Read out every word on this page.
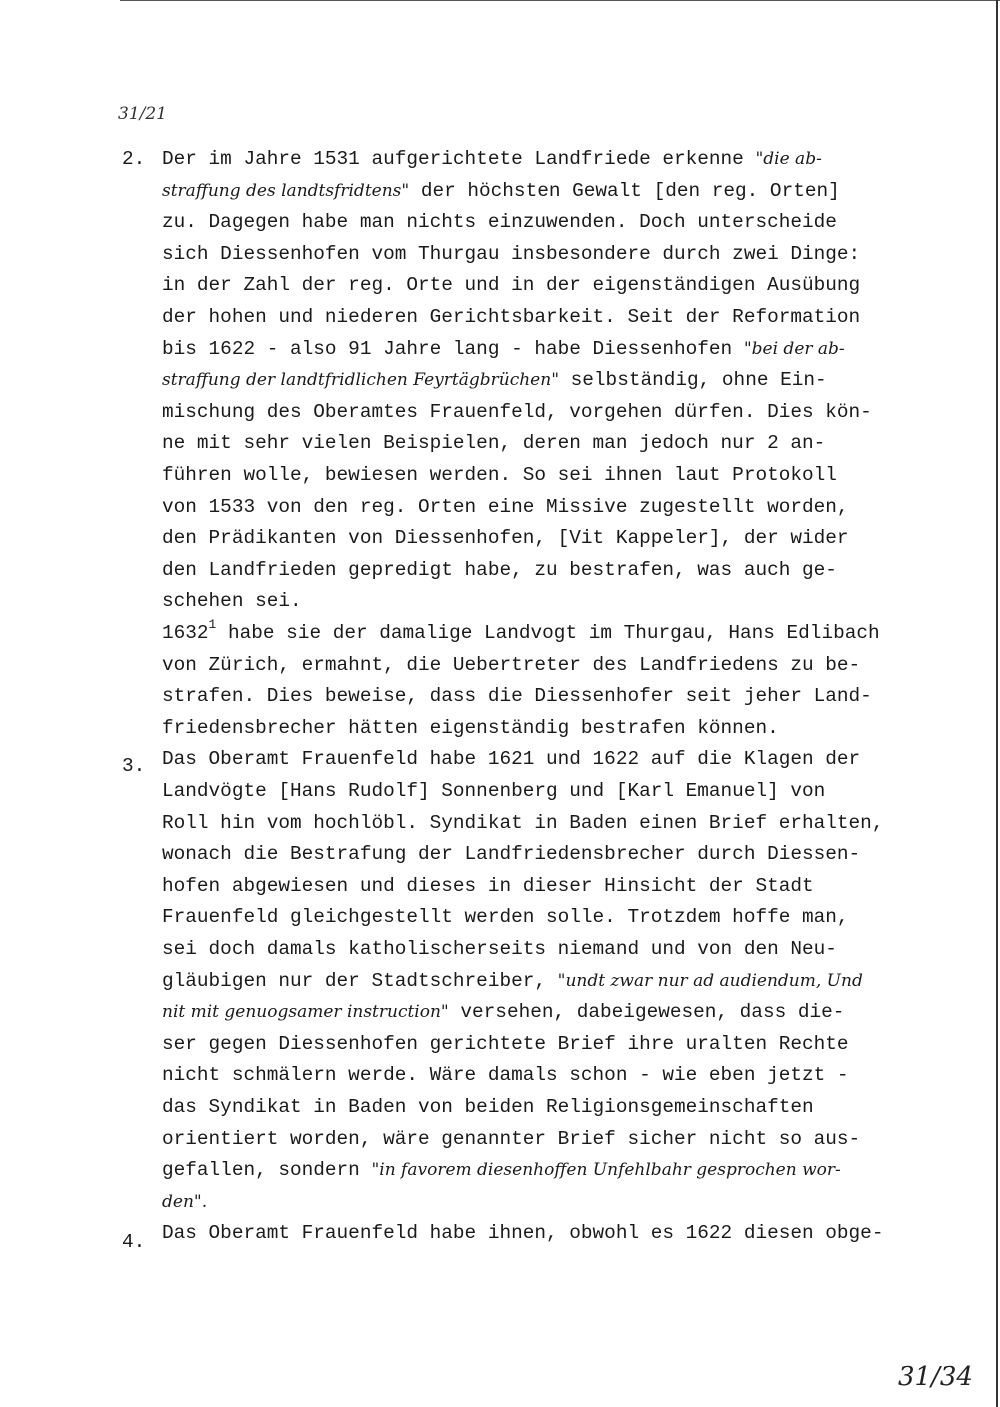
31/21
2.
3.
4.
Der im Jahre 1531 aufgerichtete Landfriede erkenne "die ab-
straffung des landtsfridtens" der höchsten Gewalt [den reg. Orten]
zu. Dagegen habe man nichts einzuwenden. Doch unterscheide
sich Diessenhofen vom Thurgau insbesondere durch zwei Dinge:
in der Zahl der reg. Orte und in der eigenständigen Ausübung
der hohen und niederen Gerichtsbarkeit. Seit der Reformation
bis 1622 - also 91 Jahre lang - habe Diessenhofen "bei der ab-
straffung der landtfridlichen Feyrtägbrüchen" selbständig, ohne Ein-
mischung des Oberamtes Frauenfeld, vorgehen dürfen. Dies kön-
ne mit sehr vielen Beispielen, deren man jedoch nur 2 an-
führen wolle, bewiesen werden. So sei ihnen laut Protokoll
von 1533 von den reg. Orten eine Missive zugestellt worden,
den Prädikanten von Diessenhofen, [Vit Kappeler], der wider
den Landfrieden gepredigt habe, zu bestrafen, was auch ge-
schehen sei.
1632$^1$ habe sie der damalige Landvogt im Thurgau, Hans Edlibach
von Zürich, ermahnt, die Uebertreter des Landfriedens zu be-
strafen. Dies beweise, dass die Diessenhofer seit jeher Land-
friedensbrecher hätten eigenständig bestrafen können.
Das Oberamt Frauenfeld habe 1621 und 1622 auf die Klagen der
Landvögte [Hans Rudolf] Sonnenberg und [Karl Emanuel] von
Roll hin vom hochlöbl. Syndikat in Baden einen Brief erhalten,
wonach die Bestrafung der Landfriedensbrecher durch Diessen-
hofen abgewiesen und dieses in dieser Hinsicht der Stadt
Frauenfeld gleichgestellt werden solle. Trotzdem hoffe man,
sei doch damals katholischerseits niemand und von den Neu-
gläubigen nur der Stadtschreiber, "undt zwar nur ad audiendum, Und
nit mit genuogsamer instruction" versehen, dabeigewesen, dass die-
ser gegen Diessenhofen gerichtete Brief ihre uralten Rechte
nicht schmälern werde. Wäre damals schon - wie eben jetzt -
das Syndikat in Baden von beiden Religionsgemeinschaften
orientiert worden, wäre genannter Brief sicher nicht so aus-
gefallen, sondern "in favorem diesenhoffen Unfehlbahr gesprochen wor-
den".
Das Oberamt Frauenfeld habe ihnen, obwohl es 1622 diesen obge-
31/34
